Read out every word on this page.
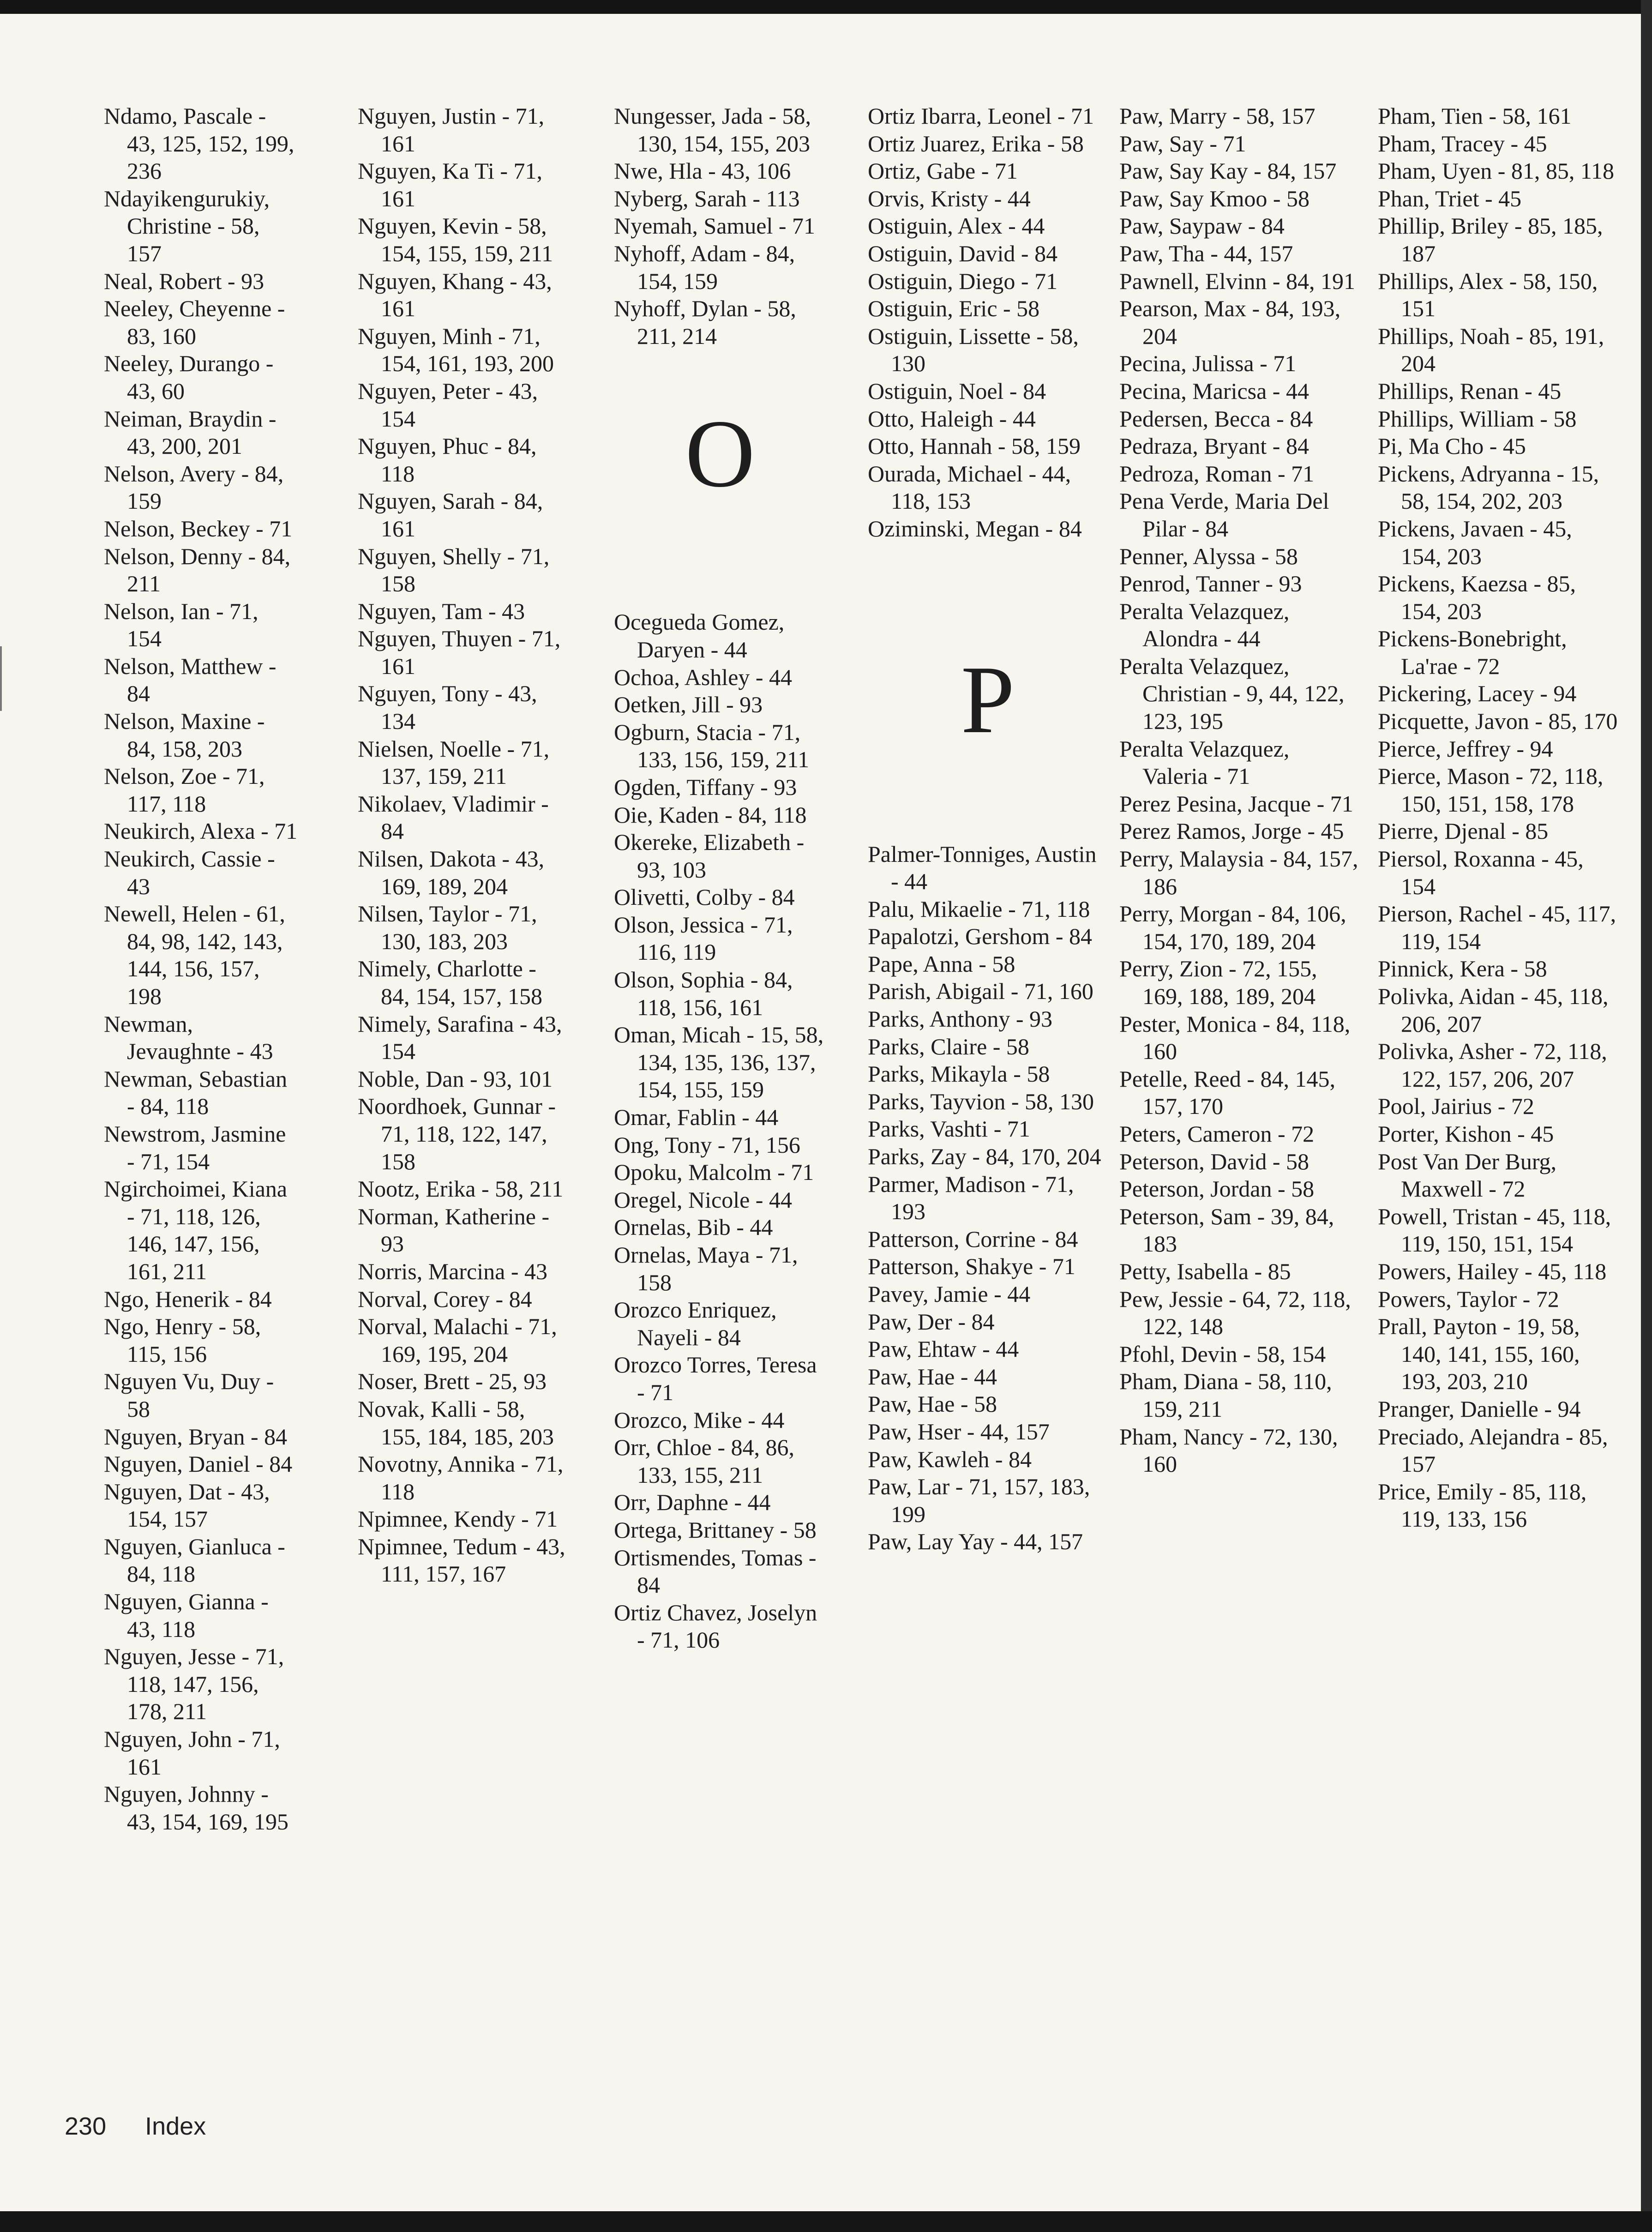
Ndamo, Pascale - 43, 125, 152, 199, 236
Ndayikengurukiy, Christine - 58, 157
Neal, Robert - 93
Neeley, Cheyenne - 83, 160
Neeley, Durango - 43, 60
Neiman, Braydin - 43, 200, 201
Nelson, Avery - 84, 159
Nelson, Beckey - 71
Nelson, Denny - 84, 211
Nelson, Ian - 71, 154
Nelson, Matthew - 84
Nelson, Maxine - 84, 158, 203
Nelson, Zoe - 71, 117, 118
Neukirch, Alexa - 71
Neukirch, Cassie - 43
Newell, Helen - 61, 84, 98, 142, 143, 144, 156, 157, 198
Newman, Jevaughnte - 43
Newman, Sebastian - 84, 118
Newstrom, Jasmine - 71, 154
Ngirchoimei, Kiana - 71, 118, 126, 146, 147, 156, 161, 211
Ngo, Henerik - 84
Ngo, Henry - 58, 115, 156
Nguyen Vu, Duy - 58
Nguyen, Bryan - 84
Nguyen, Daniel - 84
Nguyen, Dat - 43, 154, 157
Nguyen, Gianluca - 84, 118
Nguyen, Gianna - 43, 118
Nguyen, Jesse - 71, 118, 147, 156, 178, 211
Nguyen, John - 71, 161
Nguyen, Johnny - 43, 154, 169, 195
Nguyen, Justin - 71, 161
Nguyen, Ka Ti - 71, 161
Nguyen, Kevin - 58, 154, 155, 159, 211
Nguyen, Khang - 43, 161
Nguyen, Minh - 71, 154, 161, 193, 200
Nguyen, Peter - 43, 154
Nguyen, Phuc - 84, 118
Nguyen, Sarah - 84, 161
Nguyen, Shelly - 71, 158
Nguyen, Tam - 43
Nguyen, Thuyen - 71, 161
Nguyen, Tony - 43, 134
Nielsen, Noelle - 71, 137, 159, 211
Nikolaev, Vladimir - 84
Nilsen, Dakota - 43, 169, 189, 204
Nilsen, Taylor - 71, 130, 183, 203
Nimely, Charlotte - 84, 154, 157, 158
Nimely, Sarafina - 43, 154
Noble, Dan - 93, 101
Noordhoek, Gunnar - 71, 118, 122, 147, 158
Nootz, Erika - 58, 211
Norman, Katherine - 93
Norris, Marcina - 43
Norval, Corey - 84
Norval, Malachi - 71, 169, 195, 204
Noser, Brett - 25, 93
Novak, Kalli - 58, 155, 184, 185, 203
Novotny, Annika - 71, 118
Npimnee, Kendy - 71
Npimnee, Tedum - 43, 111, 157, 167
Nungesser, Jada - 58, 130, 154, 155, 203
Nwe, Hla - 43, 106
Nyberg, Sarah - 113
Nyemah, Samuel - 71
Nyhoff, Adam - 84, 154, 159
Nyhoff, Dylan - 58, 211, 214
O
Ocegueda Gomez, Daryen - 44
Ochoa, Ashley - 44
Oetken, Jill - 93
Ogburn, Stacia - 71, 133, 156, 159, 211
Ogden, Tiffany - 93
Oie, Kaden - 84, 118
Okereke, Elizabeth - 93, 103
Olivetti, Colby - 84
Olson, Jessica - 71, 116, 119
Olson, Sophia - 84, 118, 156, 161
Oman, Micah - 15, 58, 134, 135, 136, 137, 154, 155, 159
Omar, Fablin - 44
Ong, Tony - 71, 156
Opoku, Malcolm - 71
Oregel, Nicole - 44
Ornelas, Bib - 44
Ornelas, Maya - 71, 158
Orozco Enriquez, Nayeli - 84
Orozco Torres, Teresa - 71
Orozco, Mike - 44
Orr, Chloe - 84, 86, 133, 155, 211
Orr, Daphne - 44
Ortega, Brittaney - 58
Ortismendes, Tomas - 84
Ortiz Chavez, Joselyn - 71, 106
Ortiz Ibarra, Leonel - 71
Ortiz Juarez, Erika - 58
Ortiz, Gabe - 71
Orvis, Kristy - 44
Ostiguin, Alex - 44
Ostiguin, David - 84
Ostiguin, Diego - 71
Ostiguin, Eric - 58
Ostiguin, Lissette - 58, 130
Ostiguin, Noel - 84
Otto, Haleigh - 44
Otto, Hannah - 58, 159
Ourada, Michael - 44, 118, 153
Oziminski, Megan - 84
P
Palmer-Tonniges, Austin - 44
Palu, Mikaelie - 71, 118
Papalotzi, Gershom - 84
Pape, Anna - 58
Parish, Abigail - 71, 160
Parks, Anthony - 93
Parks, Claire - 58
Parks, Mikayla - 58
Parks, Tayvion - 58, 130
Parks, Vashti - 71
Parks, Zay - 84, 170, 204
Parmer, Madison - 71, 193
Patterson, Corrine - 84
Patterson, Shakye - 71
Pavey, Jamie - 44
Paw, Der - 84
Paw, Ehtaw - 44
Paw, Hae - 44
Paw, Hae - 58
Paw, Hser - 44, 157
Paw, Kawleh - 84
Paw, Lar - 71, 157, 183, 199
Paw, Lay Yay - 44, 157
Paw, Marry - 58, 157
Paw, Say - 71
Paw, Say Kay - 84, 157
Paw, Say Kmoo - 58
Paw, Saypaw - 84
Paw, Tha - 44, 157
Pawnell, Elvinn - 84, 191
Pearson, Max - 84, 193, 204
Pecina, Julissa - 71
Pecina, Maricsa - 44
Pedersen, Becca - 84
Pedraza, Bryant - 84
Pedroza, Roman - 71
Pena Verde, Maria Del Pilar - 84
Penner, Alyssa - 58
Penrod, Tanner - 93
Peralta Velazquez, Alondra - 44
Peralta Velazquez, Christian - 9, 44, 122, 123, 195
Peralta Velazquez, Valeria - 71
Perez Pesina, Jacque - 71
Perez Ramos, Jorge - 45
Perry, Malaysia - 84, 157, 186
Perry, Morgan - 84, 106, 154, 170, 189, 204
Perry, Zion - 72, 155, 169, 188, 189, 204
Pester, Monica - 84, 118, 160
Petelle, Reed - 84, 145, 157, 170
Peters, Cameron - 72
Peterson, David - 58
Peterson, Jordan - 58
Peterson, Sam - 39, 84, 183
Petty, Isabella - 85
Pew, Jessie - 64, 72, 118, 122, 148
Pfohl, Devin - 58, 154
Pham, Diana - 58, 110, 159, 211
Pham, Nancy - 72, 130, 160
Pham, Tien - 58, 161
Pham, Tracey - 45
Pham, Uyen - 81, 85, 118
Phan, Triet - 45
Phillip, Briley - 85, 185, 187
Phillips, Alex - 58, 150, 151
Phillips, Noah - 85, 191, 204
Phillips, Renan - 45
Phillips, William - 58
Pi, Ma Cho - 45
Pickens, Adryanna - 15, 58, 154, 202, 203
Pickens, Javaen - 45, 154, 203
Pickens, Kaezsa - 85, 154, 203
Pickens-Bonebright, La'rae - 72
Pickering, Lacey - 94
Picquette, Javon - 85, 170
Pierce, Jeffrey - 94
Pierce, Mason - 72, 118, 150, 151, 158, 178
Pierre, Djenal - 85
Piersol, Roxanna - 45, 154
Pierson, Rachel - 45, 117, 119, 154
Pinnick, Kera - 58
Polivka, Aidan - 45, 118, 206, 207
Polivka, Asher - 72, 118, 122, 157, 206, 207
Pool, Jairius - 72
Porter, Kishon - 45
Post Van Der Burg, Maxwell - 72
Powell, Tristan - 45, 118, 119, 150, 151, 154
Powers, Hailey - 45, 118
Powers, Taylor - 72
Prall, Payton - 19, 58, 140, 141, 155, 160, 193, 203, 210
Pranger, Danielle - 94
Preciado, Alejandra - 85, 157
Price, Emily - 85, 118, 119, 133, 156
230 Index
